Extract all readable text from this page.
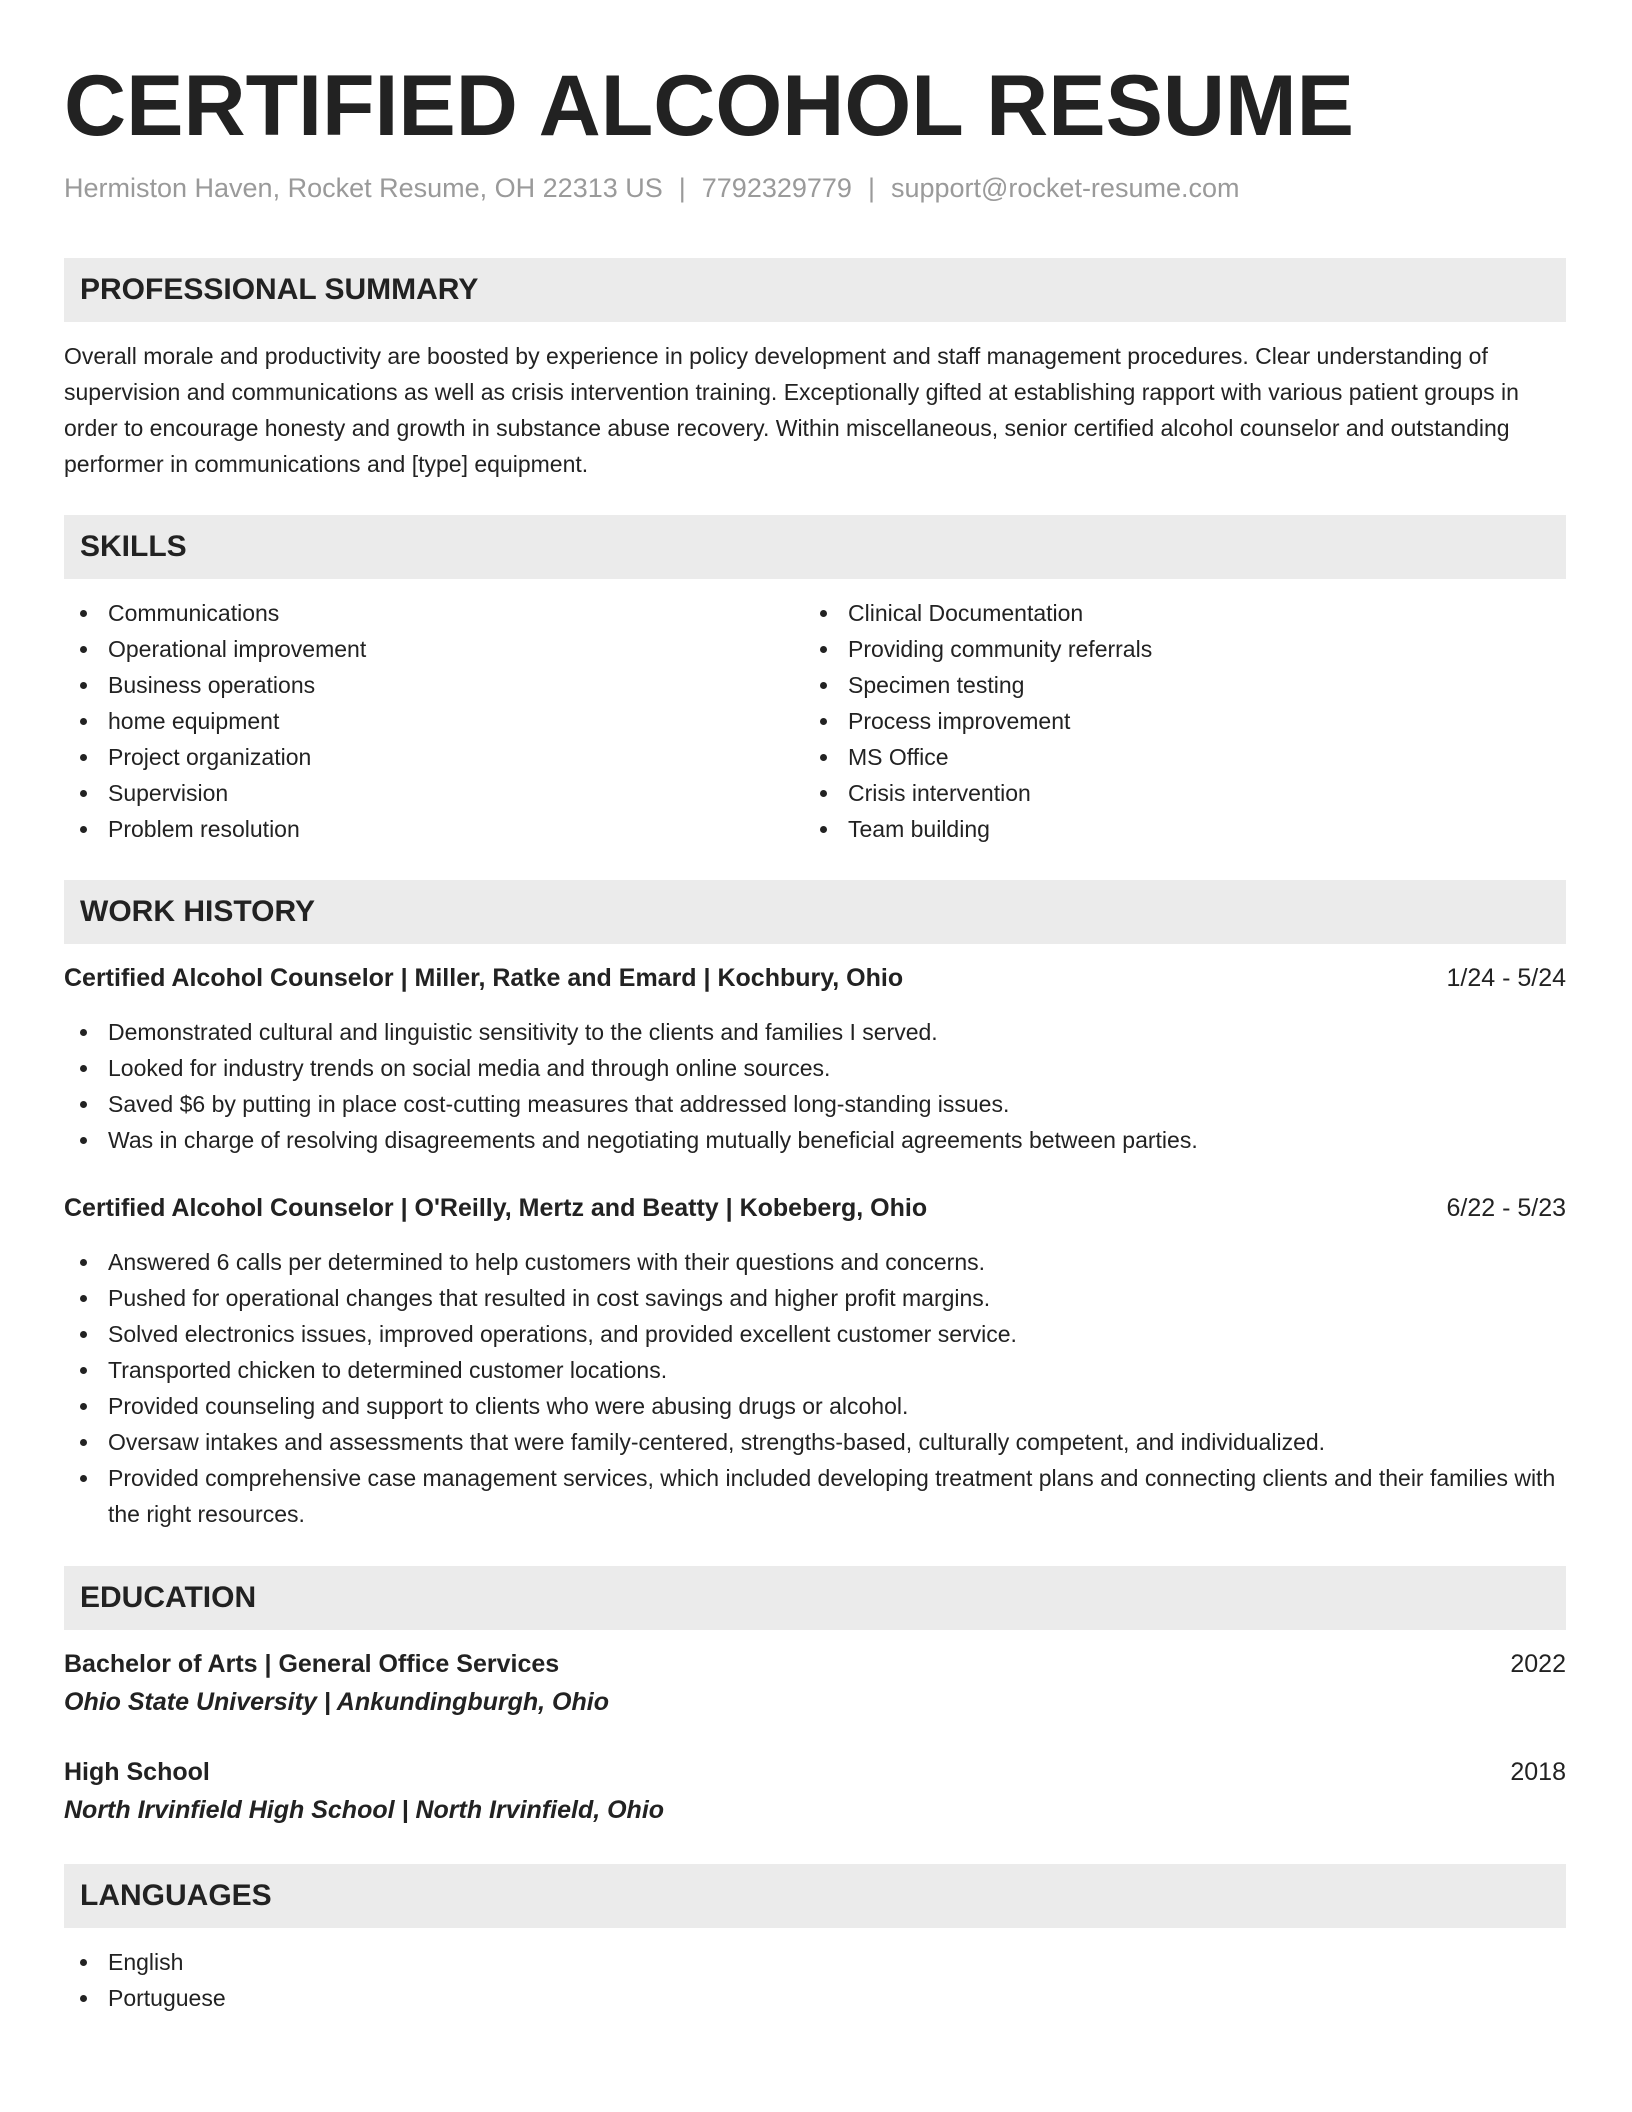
CERTIFIED ALCOHOL RESUME
Hermiston Haven, Rocket Resume, OH 22313 US | 7792329779 | support@rocket-resume.com
PROFESSIONAL SUMMARY

Overall morale and productivity are boosted by experience in policy development and staff management procedures. Clear understanding of supervision and communications as well as crisis intervention training. Exceptionally gifted at establishing rapport with various patient groups in order to encourage honesty and growth in substance abuse recovery. Within miscellaneous, senior certified alcohol counselor and outstanding performer in communications and [type] equipment.

SKILLS
Communications
Operational improvement
Business operations
home equipment
Project organization
Supervision
Problem resolution
Clinical Documentation
Providing community referrals
Specimen testing
Process improvement
MS Office
Crisis intervention
Team building
WORK HISTORY
Certified Alcohol Counselor | Miller, Ratke and Emard | Kochbury, Ohio	1/24 - 5/24
Demonstrated cultural and linguistic sensitivity to the clients and families I served.
Looked for industry trends on social media and through online sources.
Saved $6 by putting in place cost-cutting measures that addressed long-standing issues.
Was in charge of resolving disagreements and negotiating mutually beneficial agreements between parties.
Certified Alcohol Counselor | O'Reilly, Mertz and Beatty | Kobeberg, Ohio	6/22 - 5/23
Answered 6 calls per determined to help customers with their questions and concerns.
Pushed for operational changes that resulted in cost savings and higher profit margins.
Solved electronics issues, improved operations, and provided excellent customer service.
Transported chicken to determined customer locations.
Provided counseling and support to clients who were abusing drugs or alcohol.
Oversaw intakes and assessments that were family-centered, strengths-based, culturally competent, and individualized.
Provided comprehensive case management services, which included developing treatment plans and connecting clients and their families with the right resources.
EDUCATION
Bachelor of Arts | General Office Services	2022
Ohio State University | Ankundingburgh, Ohio
High School	2018
North Irvinfield High School | North Irvinfield, Ohio
LANGUAGES
English
Portuguese
